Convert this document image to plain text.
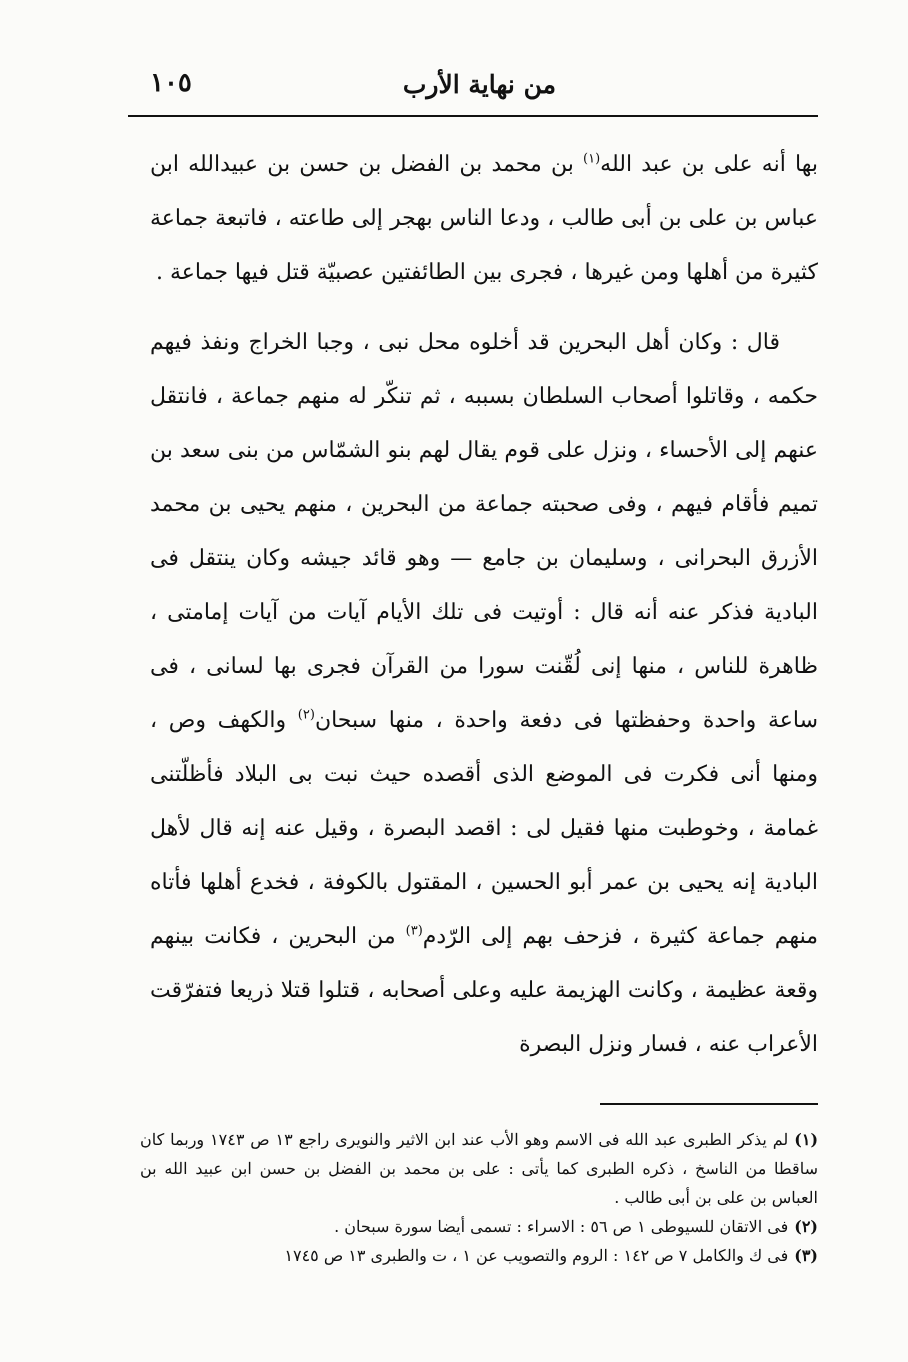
من نهاية الأرب
١٠٥

بها أنه على بن عبد الله$^{(١)}$ بن محمد بن الفضل بن حسن بن عبيدالله ابن عباس بن على بن أبى طالب ، ودعا الناس بهجر إلى طاعته ، فاتبعة جماعة كثيرة من أهلها ومن غيرها ، فجرى بين الطائفتين عصبيّة قتل فيها جماعة .

قال : وكان أهل البحرين قد أخلوه محل نبى ، وجبا الخراج ونفذ فيهم حكمه ، وقاتلوا أصحاب السلطان بسببه ، ثم تنكّر له منهم جماعة ، فانتقل عنهم إلى الأحساء ، ونزل على قوم يقال لهم بنو الشمّاس من بنى سعد بن تميم فأقام فيهم ، وفى صحبته جماعة من البحرين ، منهم يحيى بن محمد الأزرق البحرانى ، وسليمان بن جامع — وهو قائد جيشه وكان ينتقل فى البادية فذكر عنه أنه قال : أوتيت فى تلك الأيام آيات من آيات إمامتى ، ظاهرة للناس ، منها إنى لُقّنت سورا من القرآن فجرى بها لسانى ، فى ساعة واحدة وحفظتها فى دفعة واحدة ، منها سبحان$^{(٢)}$ والكهف وص ، ومنها أنى فكرت فى الموضع الذى أقصده حيث نبت بى البلاد فأظلّتنى غمامة ، وخوطبت منها فقيل لى : اقصد البصرة ، وقيل عنه إنه قال لأهل البادية إنه يحيى بن عمر أبو الحسين ، المقتول بالكوفة ، فخدع أهلها فأتاه منهم جماعة كثيرة ، فزحف بهم إلى الرّدم$^{(٣)}$ من البحرين ، فكانت بينهم وقعة عظيمة ، وكانت الهزيمة عليه وعلى أصحابه ، قتلوا قتلا ذريعا فتفرّقت الأعراب عنه ، فسار ونزل البصرة

(١)لم يذكر الطبرى عبد الله فى الاسم وهو الأب عند ابن الاثير والنويرى راجع ١٣ ص ١٧٤٣ وربما كان ساقطا من الناسخ ، ذكره الطبرى كما يأتى : على بن محمد بن الفضل بن حسن ابن عبيد الله بن العباس بن على بن أبى طالب .

(٢)فى الاتقان للسيوطى ١ ص ٥٦ : الاسراء : تسمى أيضا سورة سبحان .

(٣)فى ك والكامل ٧ ص ١٤٢ : الروم والتصويب عن ١ ، ت والطبرى ١٣ ص ١٧٤٥
